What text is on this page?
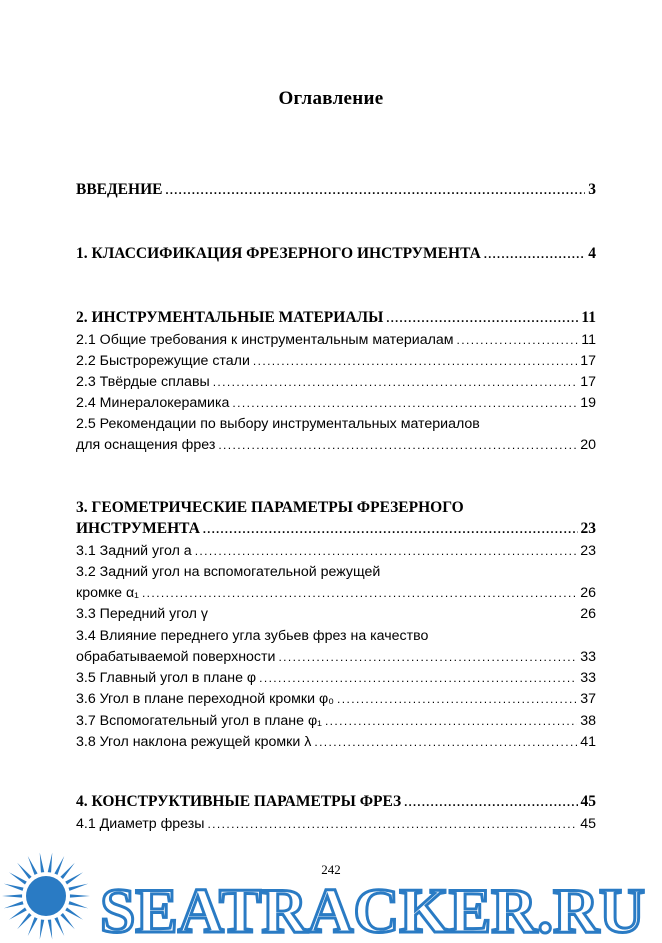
Оглавление
ВВЕДЕНИЕ .....	3
1. КЛАССИФИКАЦИЯ ФРЕЗЕРНОГО ИНСТРУМЕНТА .....	4
2. ИНСТРУМЕНТАЛЬНЫЕ МАТЕРИАЛЫ .....	11
2.1 Общие требования к инструментальным материалам .....	11
2.2 Быстрорежущие стали .....	17
2.3 Твёрдые сплавы .....	17
2.4 Минералокерамика .....	19
2.5 Рекомендации по выбору инструментальных материалов
для оснащения фрез .....	20
3. ГЕОМЕТРИЧЕСКИЕ ПАРАМЕТРЫ ФРЕЗЕРНОГО
ИНСТРУМЕНТА .....	23
3.1 Задний угол a .....	23
3.2 Задний угол на вспомогательной режущей
кромке α₁ .....	26
3.3 Передний угол γ	26
3.4 Влияние переднего угла зубьев фрез на качество
обрабатываемой поверхности .....	33
3.5 Главный угол в плане φ .....	33
3.6 Угол в плане переходной кромки φ₀ .....	37
3.7 Вспомогательный угол в плане φ₁ .....	38
3.8 Угол наклона режущей кромки λ .....	41
4. КОНСТРУКТИВНЫЕ ПАРАМЕТРЫ ФРЕЗ .....	45
4.1 Диаметр фрезы .....	45
SEATRACKER.RU
242
